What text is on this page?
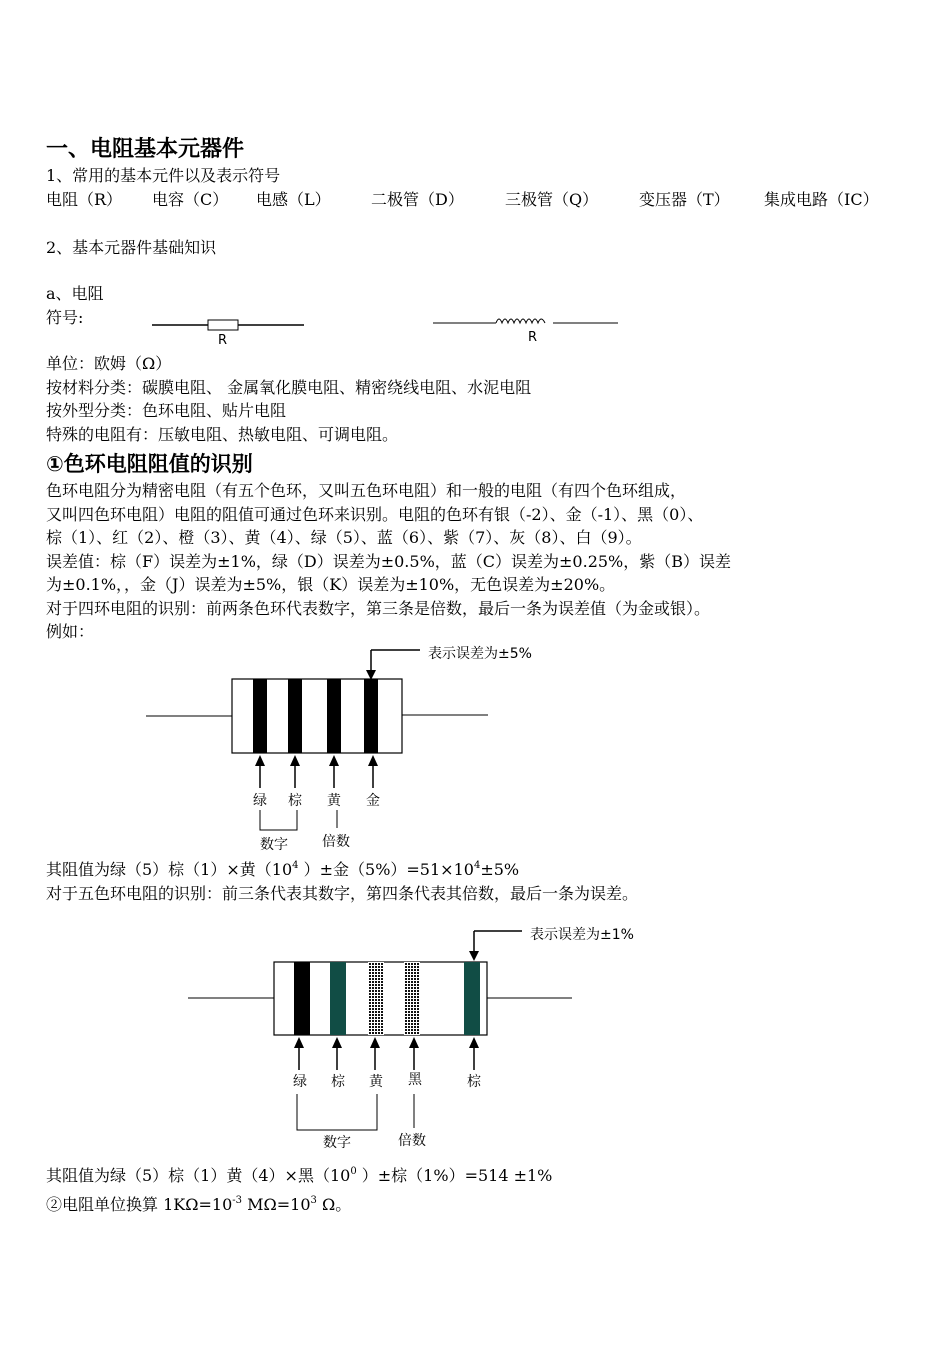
一、电阻基本元器件
1、常用的基本元件以及表示符号
电阻（R） 电容（C） 电感（L）	二极管（D）	三极管（Q）	变压器（T） 集成电路（IC）
2、基本元器件基础知识
a、电阻
符号:
R	R
单位：欧姆（Ω）
按材料分类：碳膜电阻、 金属氧化膜电阻、精密绕线电阻、水泥电阻
按外型分类：色环电阻、贴片电阻
特殊的电阻有：压敏电阻、热敏电阻、可调电阻。
①色环电阻阻值的识别
色环电阻分为精密电阻（有五个色环，又叫五色环电阻）和一般的电阻（有四个色环组成，
又叫四色环电阻）电阻的阻值可通过色环来识别。电阻的色环有银（-2）、金（-1）、黑（0）、
棕（1）、红（2）、橙（3）、黄（4）、绿（5）、蓝（6）、紫（7）、灰（8）、白（9）。
误差值：棕（F）误差为±1%，绿（D）误差为±0.5%，蓝（C）误差为±0.25%，紫（B）误差
为±0.1%，，金（J）误差为±5%，银（K）误差为±10%，无色误差为±20%。
对于四环电阻的识别：前两条色环代表数字，第三条是倍数，最后一条为误差值（为金或银）。
例如：
表示误差为±5%
绿 棕 黄 金
数字 倍数
其阻值为绿（5）棕（1）×黄（$10^4$ ）±金$(5\%)=51\times 10^4\pm 5\%$
对于五色环电阻的识别：前三条代表其数字，第四条代表其倍数，最后一条为误差。
表示误差为±1%
绿 棕 黄 黑	棕
数字	倍数
其阻值为绿（5）棕（1）黄（4）×黑（$10^0$ ）±棕（1%）=514 ±1%
②电阻单位换算 $1K\Omega=10^{-3}$ $M\Omega=10^3$ Ω。
